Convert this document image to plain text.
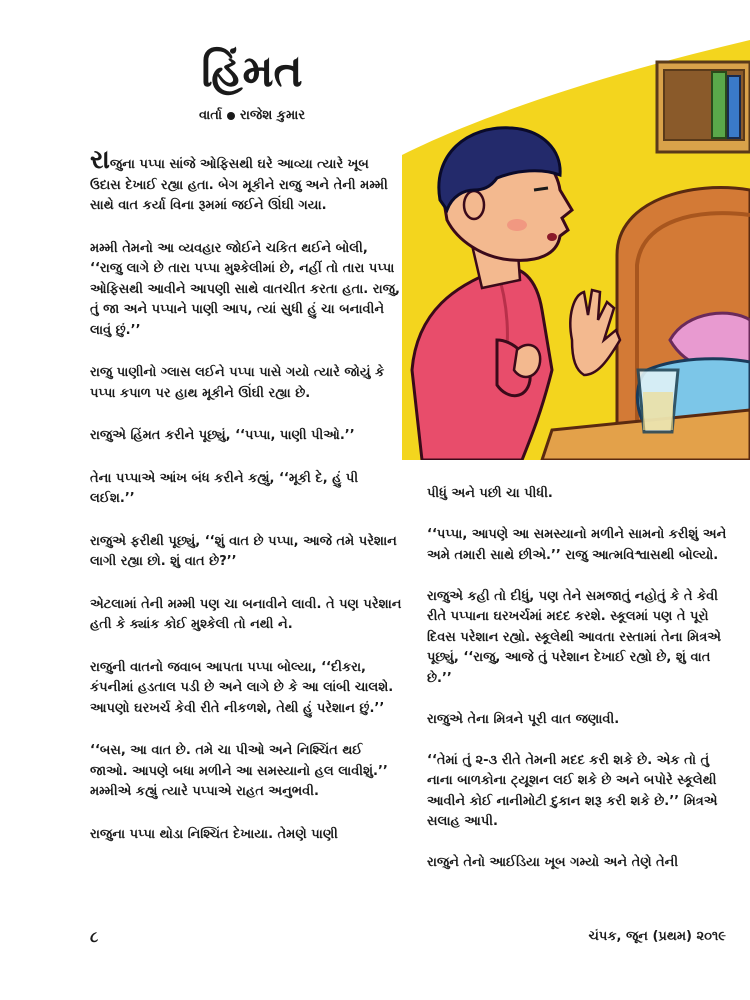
હિંમત
વાર્તા રાજેશ કુમાર

રાજુના પપ્પા સાંજે ઓફિસથી ઘરે આવ્યા ત્યારે ખૂબ ઉદાસ દેખાઈ રહ્યા હતા. બેગ મૂકીને રાજુ અને તેની મમ્મી સાથે વાત કર્યા વિના રૂમમાં જઈને ઊંઘી ગયા.

મમ્મી તેમનો આ વ્યવહાર જોઈને ચકિત થઈને બોલી, ‘‘રાજુ લાગે છે તારા પપ્પા મુશ્કેલીમાં છે, નહીં તો તારા પપ્પા ઓફિસથી આવીને આપણી સાથે વાતચીત કરતા હતા. રાજુ, તું જા અને પપ્પાને પાણી આપ, ત્યાં સુધી હું ચા બનાવીને લાવું છું.’’

રાજુ પાણીનો ગ્લાસ લઈને પપ્પા પાસે ગયો ત્યારે જોયું કે પપ્પા કપાળ પર હાથ મૂકીને ઊંઘી રહ્યા છે.

રાજુએ હિંમત કરીને પૂછ્યું, ‘‘પપ્પા, પાણી પીઓ.’’

તેના પપ્પાએ આંખ બંધ કરીને કહ્યું, ‘‘મૂકી દે, હું પી લઈશ.’’

રાજુએ ફરીથી પૂછ્યું, ‘‘શું વાત છે પપ્પા, આજે તમે પરેશાન લાગી રહ્યા છો. શું વાત છે?’’

એટલામાં તેની મમ્મી પણ ચા બનાવીને લાવી. તે પણ પરેશાન હતી કે ક્યાંક કોઈ મુશ્કેલી તો નથી ને.

રાજુની વાતનો જવાબ આપતા પપ્પા બોલ્યા, ‘‘દીકરા, કંપનીમાં હડતાલ પડી છે અને લાગે છે કે આ લાંબી ચાલશે. આપણો ઘરખર્ચ કેવી રીતે નીકળશે, તેથી હું પરેશાન છું.’’

‘‘બસ, આ વાત છે. તમે ચા પીઓ અને નિશ્ચિંત થઈ જાઓ. આપણે બધા મળીને આ સમસ્યાનો હલ લાવીશું.’’ મમ્મીએ કહ્યું ત્યારે પપ્પાએ રાહત અનુભવી.

રાજુના પપ્પા થોડા નિશ્ચિંત દેખાયા. તેમણે પાણી

પીધું અને પછી ચા પીધી.

‘‘પપ્પા, આપણે આ સમસ્યાનો મળીને સામનો કરીશું અને અમે તમારી સાથે છીએ.’’ રાજુ આત્મવિશ્વાસથી બોલ્યો.

રાજુએ કહી તો દીધું, પણ તેને સમજાતું નહોતું કે તે કેવી રીતે પપ્પાના ઘરખર્ચમાં મદદ કરશે. સ્કૂલમાં પણ તે પૂરો દિવસ પરેશાન રહ્યો. સ્કૂલેથી આવતા રસ્તામાં તેના મિત્રએ પૂછ્યું, ‘‘રાજુ, આજે તું પરેશાન દેખાઈ રહ્યો છે, શું વાત છે.’’

રાજુએ તેના મિત્રને પૂરી વાત જણાવી.

‘‘તેમાં તું ૨-૩ રીતે તેમની મદદ કરી શકે છે. એક તો તું નાના બાળકોના ટ્યૂશન લઈ શકે છે અને બપોરે સ્કૂલેથી આવીને કોઈ નાનીમોટી દુકાન શરૂ કરી શકે છે.’’ મિત્રએ સલાહ આપી.

રાજુને તેનો આઈડિયા ખૂબ ગમ્યો અને તેણે તેની

૮	ચંપક, જૂન (પ્રથમ) ૨૦૧૯
